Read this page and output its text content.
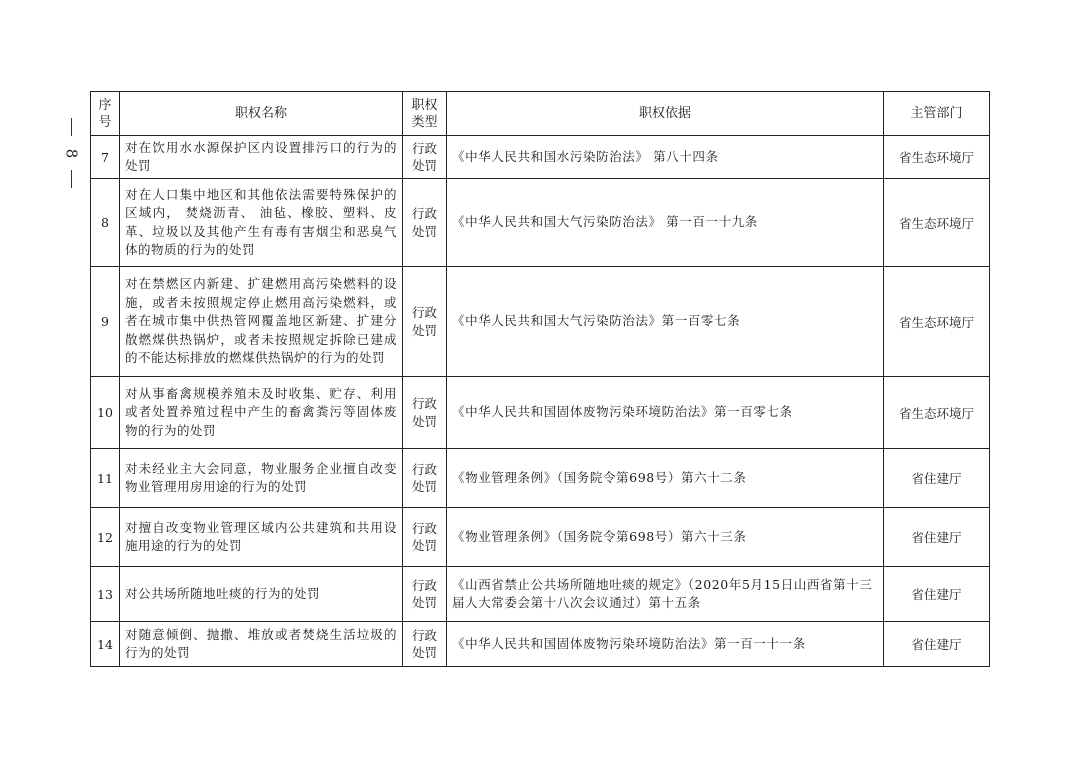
8
序号	职权名称	职权类型	职权依据	主管部门
7	对在饮用水水源保护区内设置排污口的行为的处罚	行政处罚	《中华人民共和国水污染防治法》 第八十四条	省生态环境厅
8	对在人口集中地区和其他依法需要特殊保护的区域内， 焚烧沥青、 油毡、橡胶、塑料、皮革、垃圾以及其他产生有毒有害烟尘和恶臭气体的物质的行为的处罚	行政处罚	《中华人民共和国大气污染防治法》 第一百一十九条	省生态环境厅
9	对在禁燃区内新建、扩建燃用高污染燃料的设施，或者未按照规定停止燃用高污染燃料，或者在城市集中供热管网覆盖地区新建、扩建分散燃煤供热锅炉，或者未按照规定拆除已建成的不能达标排放的燃煤供热锅炉的行为的处罚	行政处罚	《中华人民共和国大气污染防治法》第一百零七条	省生态环境厅
10	对从事畜禽规模养殖未及时收集、贮存、利用或者处置养殖过程中产生的畜禽粪污等固体废物的行为的处罚	行政处罚	《中华人民共和国固体废物污染环境防治法》第一百零七条	省生态环境厅
11	对未经业主大会同意，物业服务企业擅自改变物业管理用房用途的行为的处罚	行政处罚	《物业管理条例》（国务院令第698号）第六十二条	省住建厅
12	对擅自改变物业管理区域内公共建筑和共用设施用途的行为的处罚	行政处罚	《物业管理条例》（国务院令第698号）第六十三条	省住建厅
13	对公共场所随地吐痰的行为的处罚	行政处罚	《山西省禁止公共场所随地吐痰的规定》（2020年5月15日山西省第十三届人大常委会第十八次会议通过）第十五条	省住建厅
14	对随意倾倒、抛撒、堆放或者焚烧生活垃圾的行为的处罚	行政处罚	《中华人民共和国固体废物污染环境防治法》第一百一十一条	省住建厅
